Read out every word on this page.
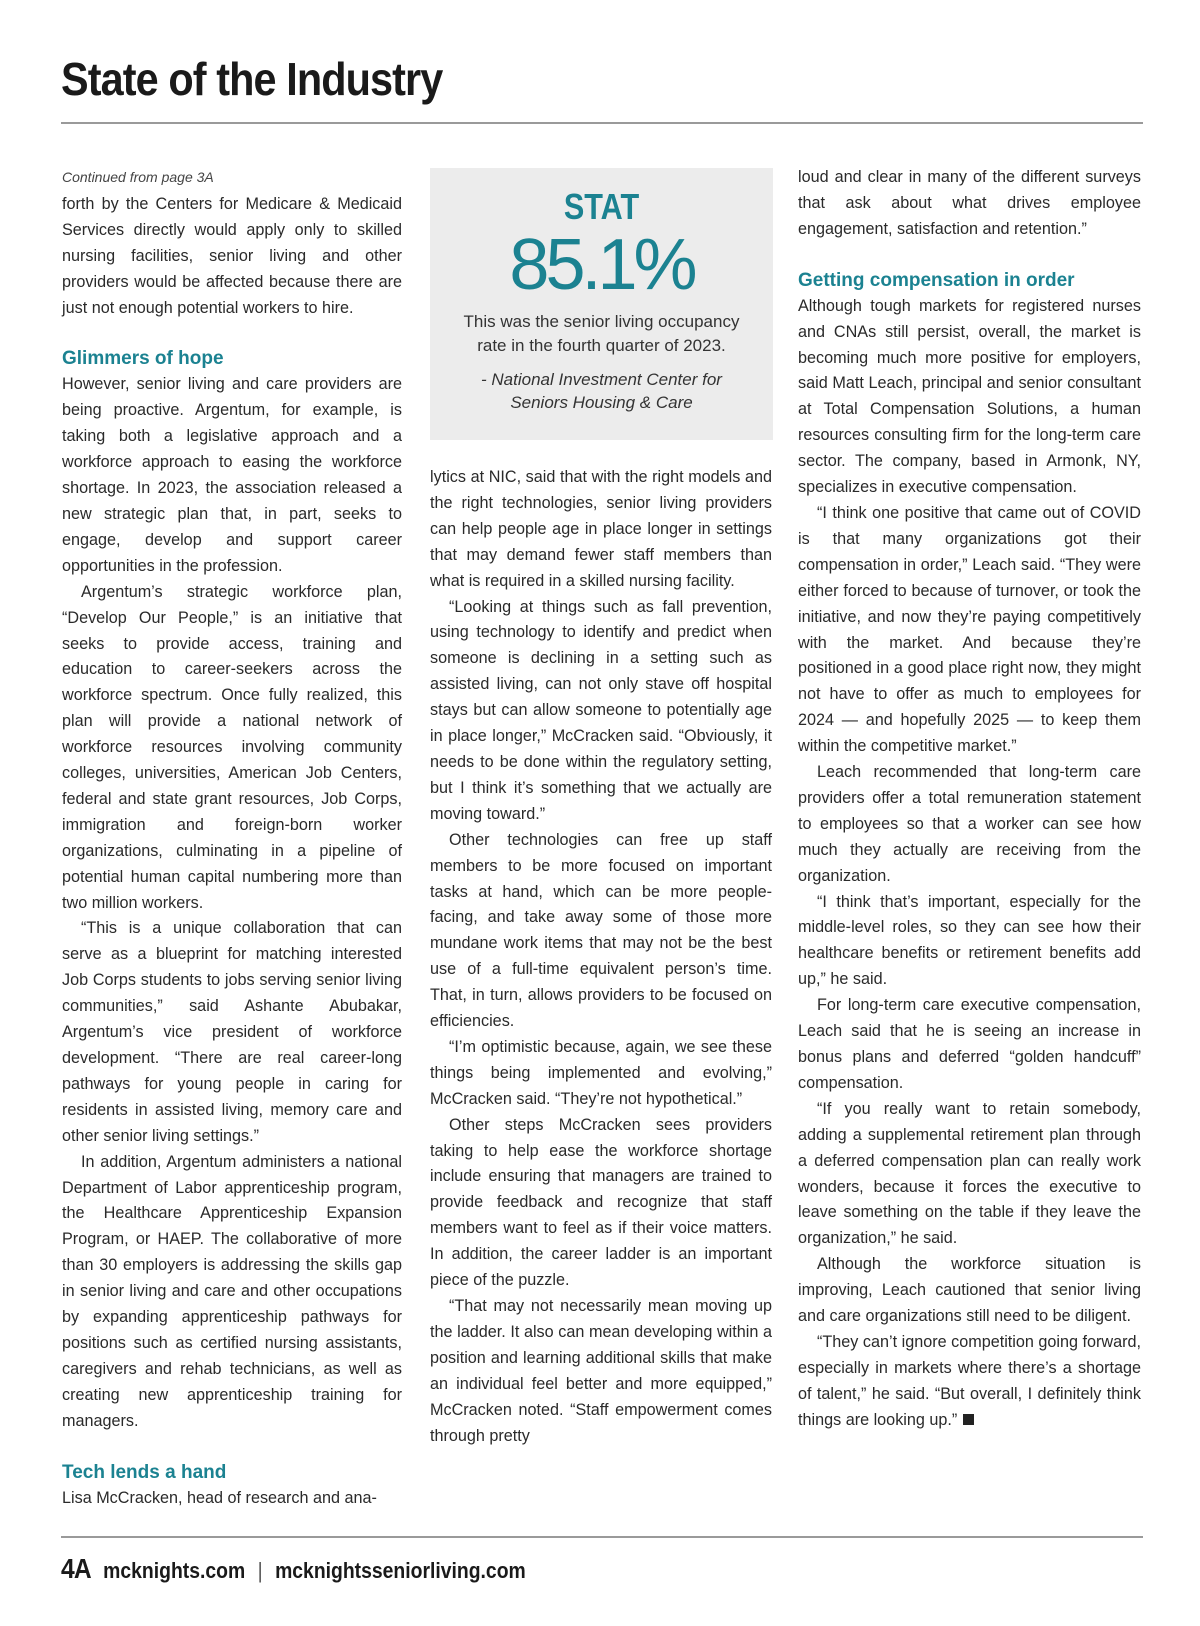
State of the Industry

Continued from page 3A

forth by the Centers for Medicare & Medicaid Services directly would apply only to skilled nursing facilities, senior living and other providers would be affected because there are just not enough potential workers to hire.

Glimmers of hope

However, senior living and care providers are being proactive. Argentum, for example, is taking both a legislative approach and a workforce approach to easing the workforce shortage. In 2023, the association released a new strategic plan that, in part, seeks to engage, develop and support career opportunities in the profession.

Argentum’s strategic workforce plan, “Develop Our People,” is an initiative that seeks to provide access, training and education to career-seekers across the workforce spectrum. Once fully realized, this plan will provide a national network of workforce resources involving community colleges, universities, American Job Centers, federal and state grant resources, Job Corps, immigration and foreign-born worker organizations, culminating in a pipeline of potential human capital numbering more than two million workers.

“This is a unique collaboration that can serve as a blueprint for matching interested Job Corps students to jobs serving senior living communities,” said Ashante Abubakar, Argentum’s vice president of workforce development. “There are real career-long pathways for young people in caring for residents in assisted living, memory care and other senior living settings.”

In addition, Argentum administers a national Department of Labor apprenticeship program, the Healthcare Apprenticeship Expansion Program, or HAEP. The collaborative of more than 30 employers is addressing the skills gap in senior living and care and other occupations by expanding apprenticeship pathways for positions such as certified nursing assistants, caregivers and rehab technicians, as well as creating new apprenticeship training for managers.

Tech lends a hand

Lisa McCracken, head of research and ana-

STAT
85.1%
This was the senior living occupancy rate in the fourth quarter of 2023.
- National Investment Center for Seniors Housing & Care

lytics at NIC, said that with the right models and the right technologies, senior living providers can help people age in place longer in settings that may demand fewer staff members than what is required in a skilled nursing facility.

“Looking at things such as fall prevention, using technology to identify and predict when someone is declining in a setting such as assisted living, can not only stave off hospital stays but can allow someone to potentially age in place longer,” McCracken said. “Obviously, it needs to be done within the regulatory setting, but I think it’s something that we actually are moving toward.”

Other technologies can free up staff members to be more focused on important tasks at hand, which can be more people-facing, and take away some of those more mundane work items that may not be the best use of a full-time equivalent person’s time. That, in turn, allows providers to be focused on efficiencies.

“I’m optimistic because, again, we see these things being implemented and evolving,” McCracken said. “They’re not hypothetical.”

Other steps McCracken sees providers taking to help ease the workforce shortage include ensuring that managers are trained to provide feedback and recognize that staff members want to feel as if their voice matters. In addition, the career ladder is an important piece of the puzzle.

“That may not necessarily mean moving up the ladder. It also can mean developing within a position and learning additional skills that make an individual feel better and more equipped,” McCracken noted. “Staff empowerment comes through pretty

loud and clear in many of the different surveys that ask about what drives employee engagement, satisfaction and retention.”

Getting compensation in order

Although tough markets for registered nurses and CNAs still persist, overall, the market is becoming much more positive for employers, said Matt Leach, principal and senior consultant at Total Compensation Solutions, a human resources consulting firm for the long-term care sector. The company, based in Armonk, NY, specializes in executive compensation.

“I think one positive that came out of COVID is that many organizations got their compensation in order,” Leach said. “They were either forced to because of turnover, or took the initiative, and now they’re paying competitively with the market. And because they’re positioned in a good place right now, they might not have to offer as much to employees for 2024 — and hopefully 2025 — to keep them within the competitive market.”

Leach recommended that long-term care providers offer a total remuneration statement to employees so that a worker can see how much they actually are receiving from the organization.

“I think that’s important, especially for the middle-level roles, so they can see how their healthcare benefits or retirement benefits add up,” he said.

For long-term care executive compensation, Leach said that he is seeing an increase in bonus plans and deferred “golden handcuff” compensation.

“If you really want to retain somebody, adding a supplemental retirement plan through a deferred compensation plan can really work wonders, because it forces the executive to leave something on the table if they leave the organization,” he said.

Although the workforce situation is improving, Leach cautioned that senior living and care organizations still need to be diligent.

“They can’t ignore competition going forward, especially in markets where there’s a shortage of talent,” he said. “But overall, I definitely think things are looking up.”

4A mcknights.com | mcknightsseniorliving.com
